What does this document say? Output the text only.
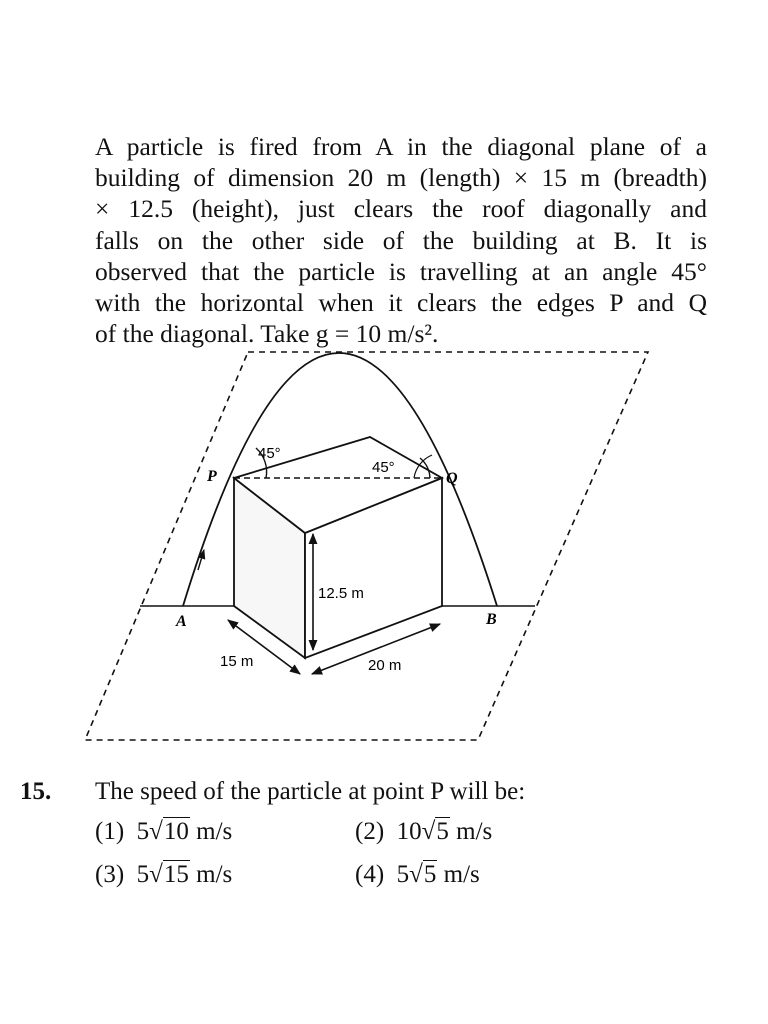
A particle is fired from A in the diagonal plane of a
building of dimension 20 m (length) × 15 m (breadth)
× 12.5 (height), just clears the roof diagonally and
falls on the other side of the building at B. It is
observed that the particle is travelling at an angle 45°
with the horizontal when it clears the edges P and Q
of the diagonal. Take g = 10 m/s².
P	Q
A	B
45°
45°
12.5 m
15 m	20 m
15. The speed of the particle at point P will be:
(1) 5√10 m/s	(2) 10√5 m/s
(3) 5√15 m/s	(4) 5√5 m/s
